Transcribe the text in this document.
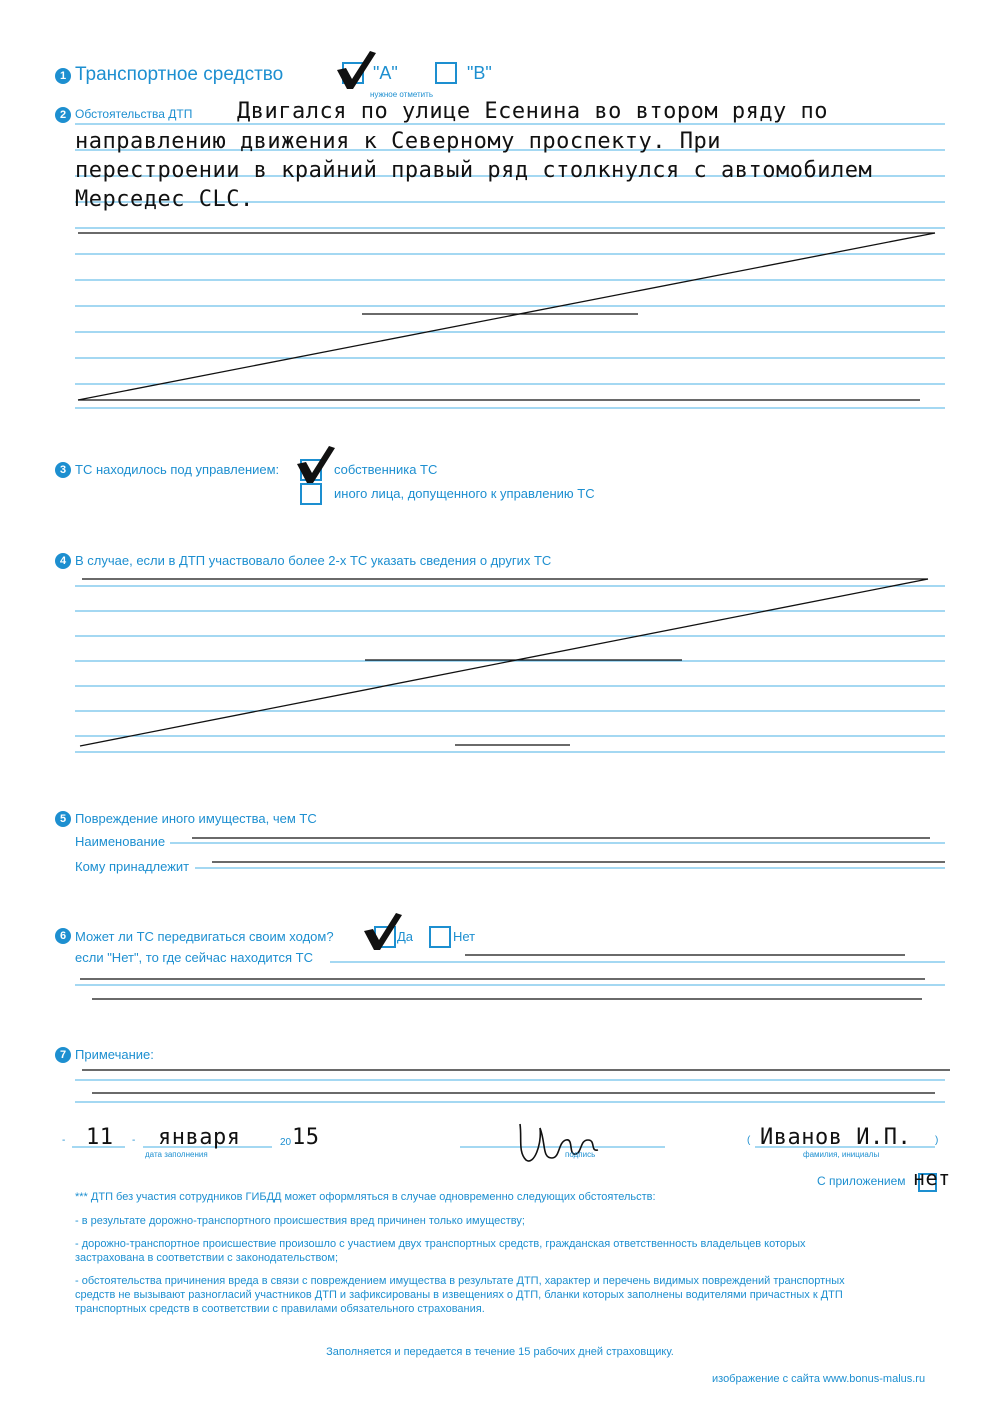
1 Транспортное средство	"А"	"В"
нужное отметить
2 Обстоятельства ДТП Двигался по улице Есенина во втором ряду по
направлению движения к Северному проспекту. При
перестроении в крайний правый ряд столкнулся с автомобилем
Мерседес CLC.
3 ТС находилось под управлением:	собственника ТС
иного лица, допущенного к управлению ТС
4 В случае, если в ДТП участвовало более 2-х ТС указать сведения о других ТС
5 Повреждение иного имущества, чем ТС
Наименование
Кому принадлежит
6 Может ли ТС передвигаться своим ходом?	Да	Нет
если "Нет", то где сейчас находится ТС
7 Примечание:
- 11 - января	20 15
дата заполнения	подпись
( Иванов И.П. )
фамилия, инициалы
С приложением нет
*** ДТП без участия сотрудников ГИБДД может оформляться в случае одновременно следующих обстоятельств:
- в результате дорожно-транспортного происшествия вред причинен только имуществу;
- дорожно-транспортное происшествие произошло с участием двух транспортных средств, гражданская ответственность владельцев которых
застрахована в соответствии с законодательством;
- обстоятельства причинения вреда в связи с повреждением имущества в результате ДТП, характер и перечень видимых повреждений транспортных
средств не вызывают разногласий участников ДТП и зафиксированы в извещениях о ДТП, бланки которых заполнены водителями причастных к ДТП
транспортных средств в соответствии с правилами обязательного страхования.
Заполняется и передается в течение 15 рабочих дней страховщику.
изображение с сайта www.bonus-malus.ru
